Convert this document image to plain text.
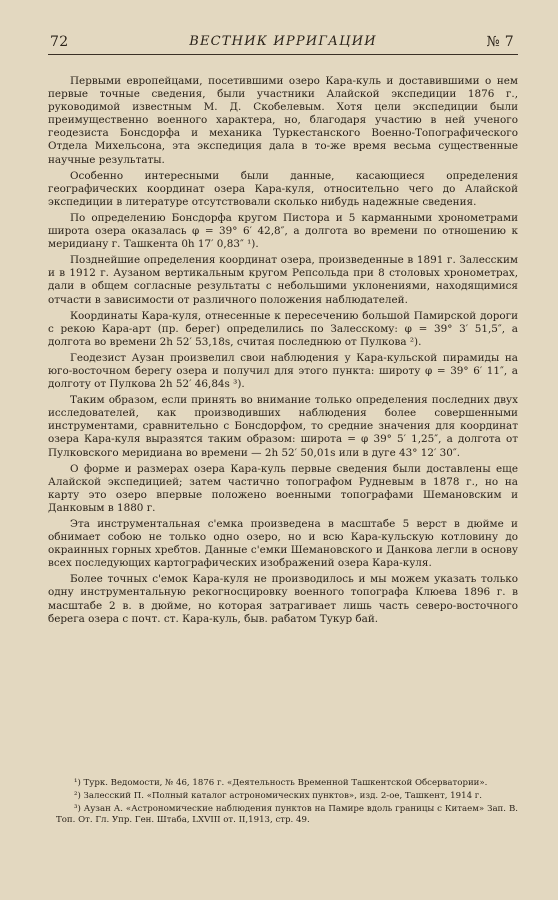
72	ВЕСТНИК ИРРИГАЦИИ	№ 7

Первыми европейцами, посетившими озеро Кара-куль и доставившими о нем первые точные сведения, были участники Алайской экспедиции 1876 г., руководимой известным М. Д. Скобелевым. Хотя цели экспедиции были преимущественно военного характера, но, благодаря участию в ней ученого геодезиста Бонсдорфа и механика Туркестанского Военно-Топографического Отдела Михельсона, эта экспедиция дала в то-же время весьма существенные научные результаты.

Особенно интересными были данные, касающиеся определения географических координат озера Кара-куля, относительно чего до Алайской экспедиции в литературе отсутствовали сколько нибудь надежные сведения.

По определению Бонсдорфа кругом Пистора и 5 карманными хронометрами широта озера оказалась φ = 39° 6′ 42,8″, а долгота во времени по отношению к меридиану г. Ташкента 0h 17′ 0,83″ ¹).

Позднейшие определения координат озера, произведенные в 1891 г. Залесским и в 1912 г. Аузаном вертикальным кругом Репсольда при 8 столовых хронометрах, дали в общем согласные результаты с небольшими уклонениями, находящимися отчасти в зависимости от различного положения наблюдателей.

Координаты Кара-куля, отнесенные к пересечению большой Памирской дороги с рекою Кара-арт (пр. берег) определились по Залесскому: φ = 39° 3′ 51,5″, а долгота во времени 2h 52′ 53,18s, считая последнюю от Пулкова ²).

Геодезист Аузан произвелил свои наблюдения у Кара-кульской пирамиды на юго-восточном берегу озера и получил для этого пункта: широту φ = 39° 6′ 11″, а долготу от Пулкова 2h 52′ 46,84s ³).

Таким образом, если принять во внимание только определения последних двух исследователей, как производивших наблюдения более совершенными инструментами, сравнительно с Бонсдорфом, то средние значения для координат озера Кара-куля выразятся таким образом: широта = φ 39° 5′ 1,25″, а долгота от Пулковского меридиана во времени — 2h 52′ 50,01s или в дуге 43° 12′ 30″.

О форме и размерах озера Кара-куль первые сведения были доставлены еще Алайской экспедицией; затем частично топографом Рудневым в 1878 г., но на карту это озеро впервые положено военными топографами Шемановским и Данковым в 1880 г.

Эта инструментальная с'емка произведена в масштабе 5 верст в дюйме и обнимает собою не только одно озеро, но и всю Кара-кульскую котловину до окраинных горных хребтов. Данные с'емки Шемановского и Данкова легли в основу всех последующих картографических изображений озера Кара-куля.

Более точных с'емок Кара-куля не производилось и мы можем указать только одну инструментальную рекогносцировку военного топографа Клюева 1896 г. в масштабе 2 в. в дюйме, но которая затрагивает лишь часть северо-восточного берега озера с почт. ст. Кара-куль, быв. рабатом Тукур бай.

¹) Турк. Ведомости, № 46, 1876 г. «Деятельность Временной Ташкентской Обсерватории».

²) Залесский П. «Полный каталог астрономических пунктов», изд. 2-ое, Ташкент, 1914 г.

³) Аузан А. «Астрономические наблюдения пунктов на Памире вдоль границы с Китаем» Зап. В. Топ. От. Гл. Упр. Ген. Штаба, LXVIII от. II,1913, стр. 49.
